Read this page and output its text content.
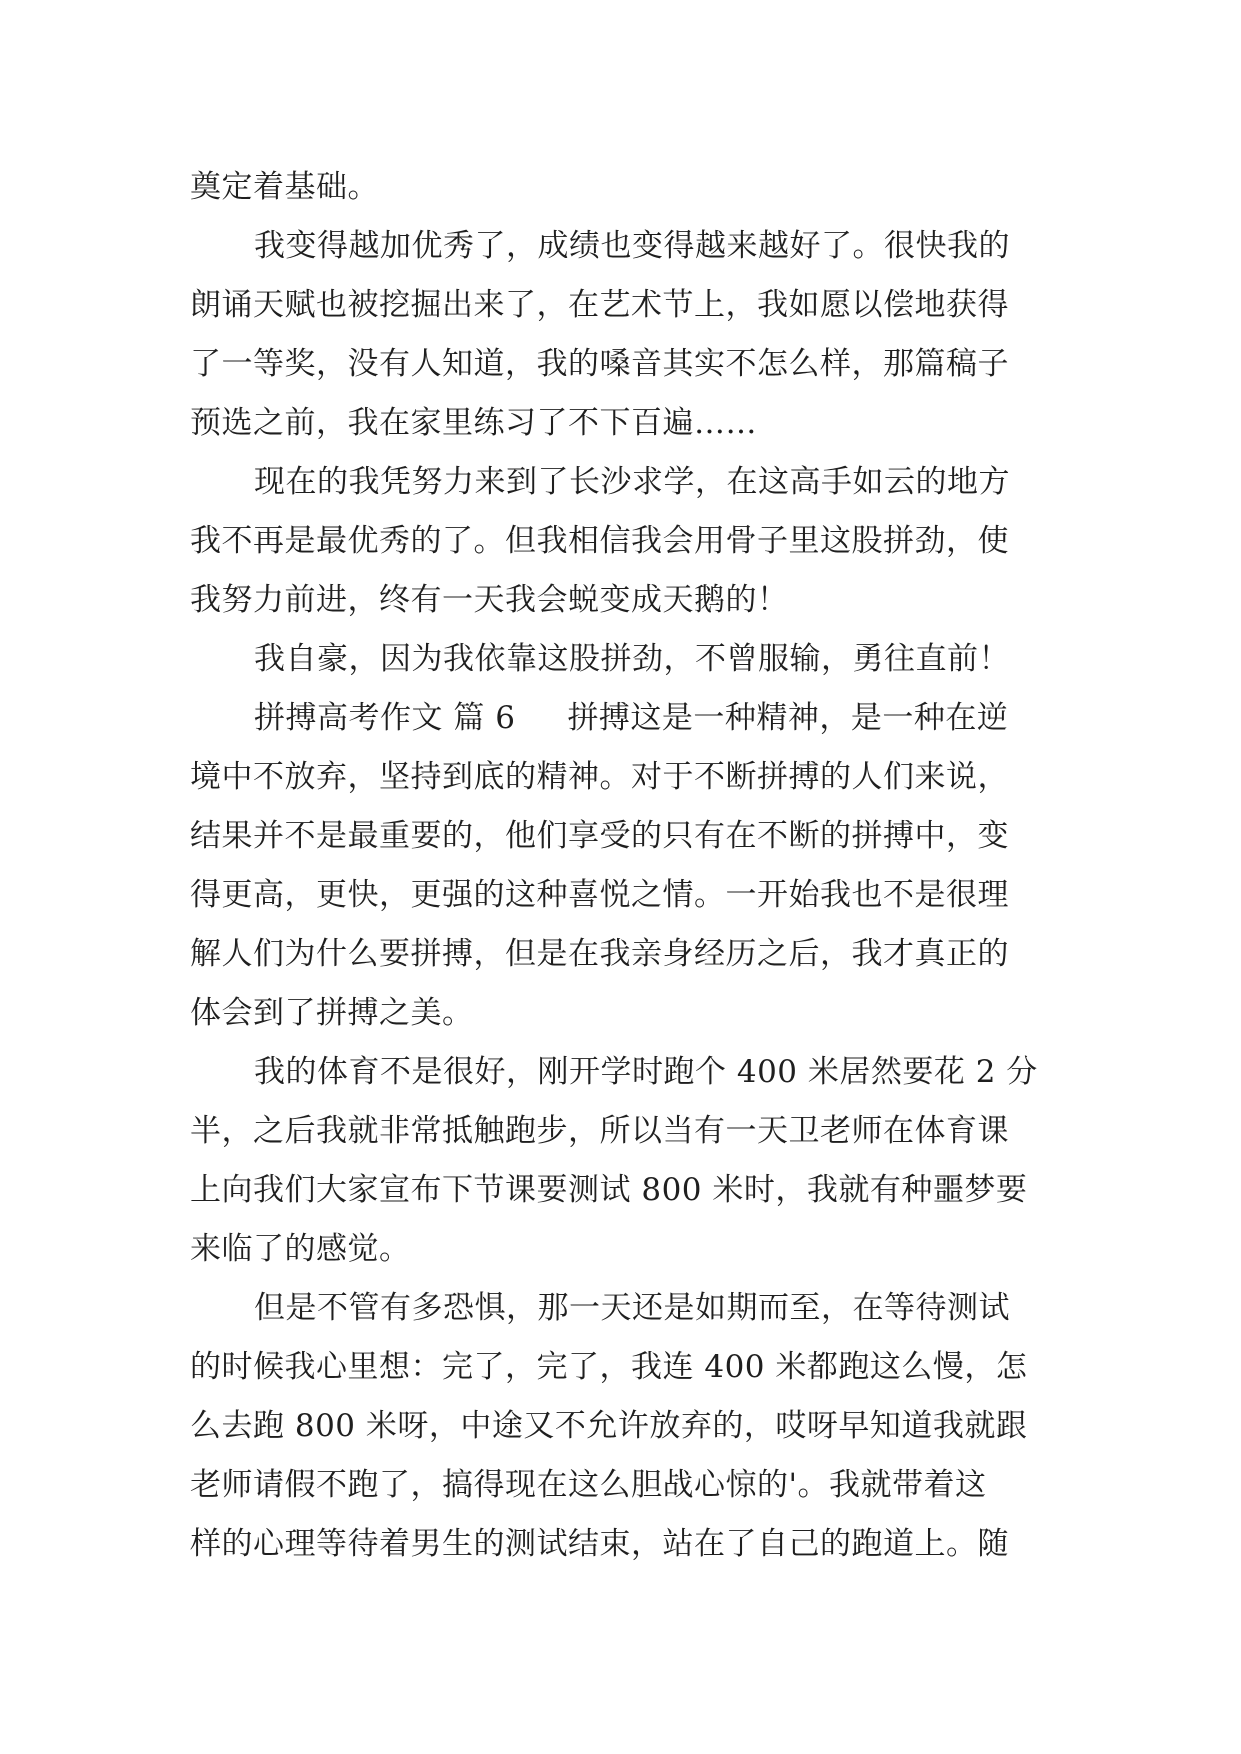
奠定着基础。
我变得越加优秀了，成绩也变得越来越好了。很快我的
朗诵天赋也被挖掘出来了，在艺术节上，我如愿以偿地获得
了一等奖，没有人知道，我的嗓音其实不怎么样，那篇稿子
预选之前，我在家里练习了不下百遍……
现在的我凭努力来到了长沙求学，在这高手如云的地方
我不再是最优秀的了。但我相信我会用骨子里这股拼劲，使
我努力前进，终有一天我会蜕变成天鹅的！
我自豪，因为我依靠这股拼劲，不曾服输，勇往直前！
拼搏高考作文 篇 6 拼搏这是一种精神，是一种在逆
境中不放弃，坚持到底的精神。对于不断拼搏的人们来说，
结果并不是最重要的，他们享受的只有在不断的拼搏中，变
得更高，更快，更强的这种喜悦之情。一开始我也不是很理
解人们为什么要拼搏，但是在我亲身经历之后，我才真正的
体会到了拼搏之美。
我的体育不是很好，刚开学时跑个 400 米居然要花 2 分
半，之后我就非常抵触跑步，所以当有一天卫老师在体育课
上向我们大家宣布下节课要测试 800 米时，我就有种噩梦要
来临了的感觉。
但是不管有多恐惧，那一天还是如期而至，在等待测试
的时候我心里想：完了，完了，我连 400 米都跑这么慢，怎
么去跑 800 米呀，中途又不允许放弃的，哎呀早知道我就跟
老师请假不跑了，搞得现在这么胆战心惊的'。我就带着这
样的心理等待着男生的测试结束，站在了自己的跑道上。随
